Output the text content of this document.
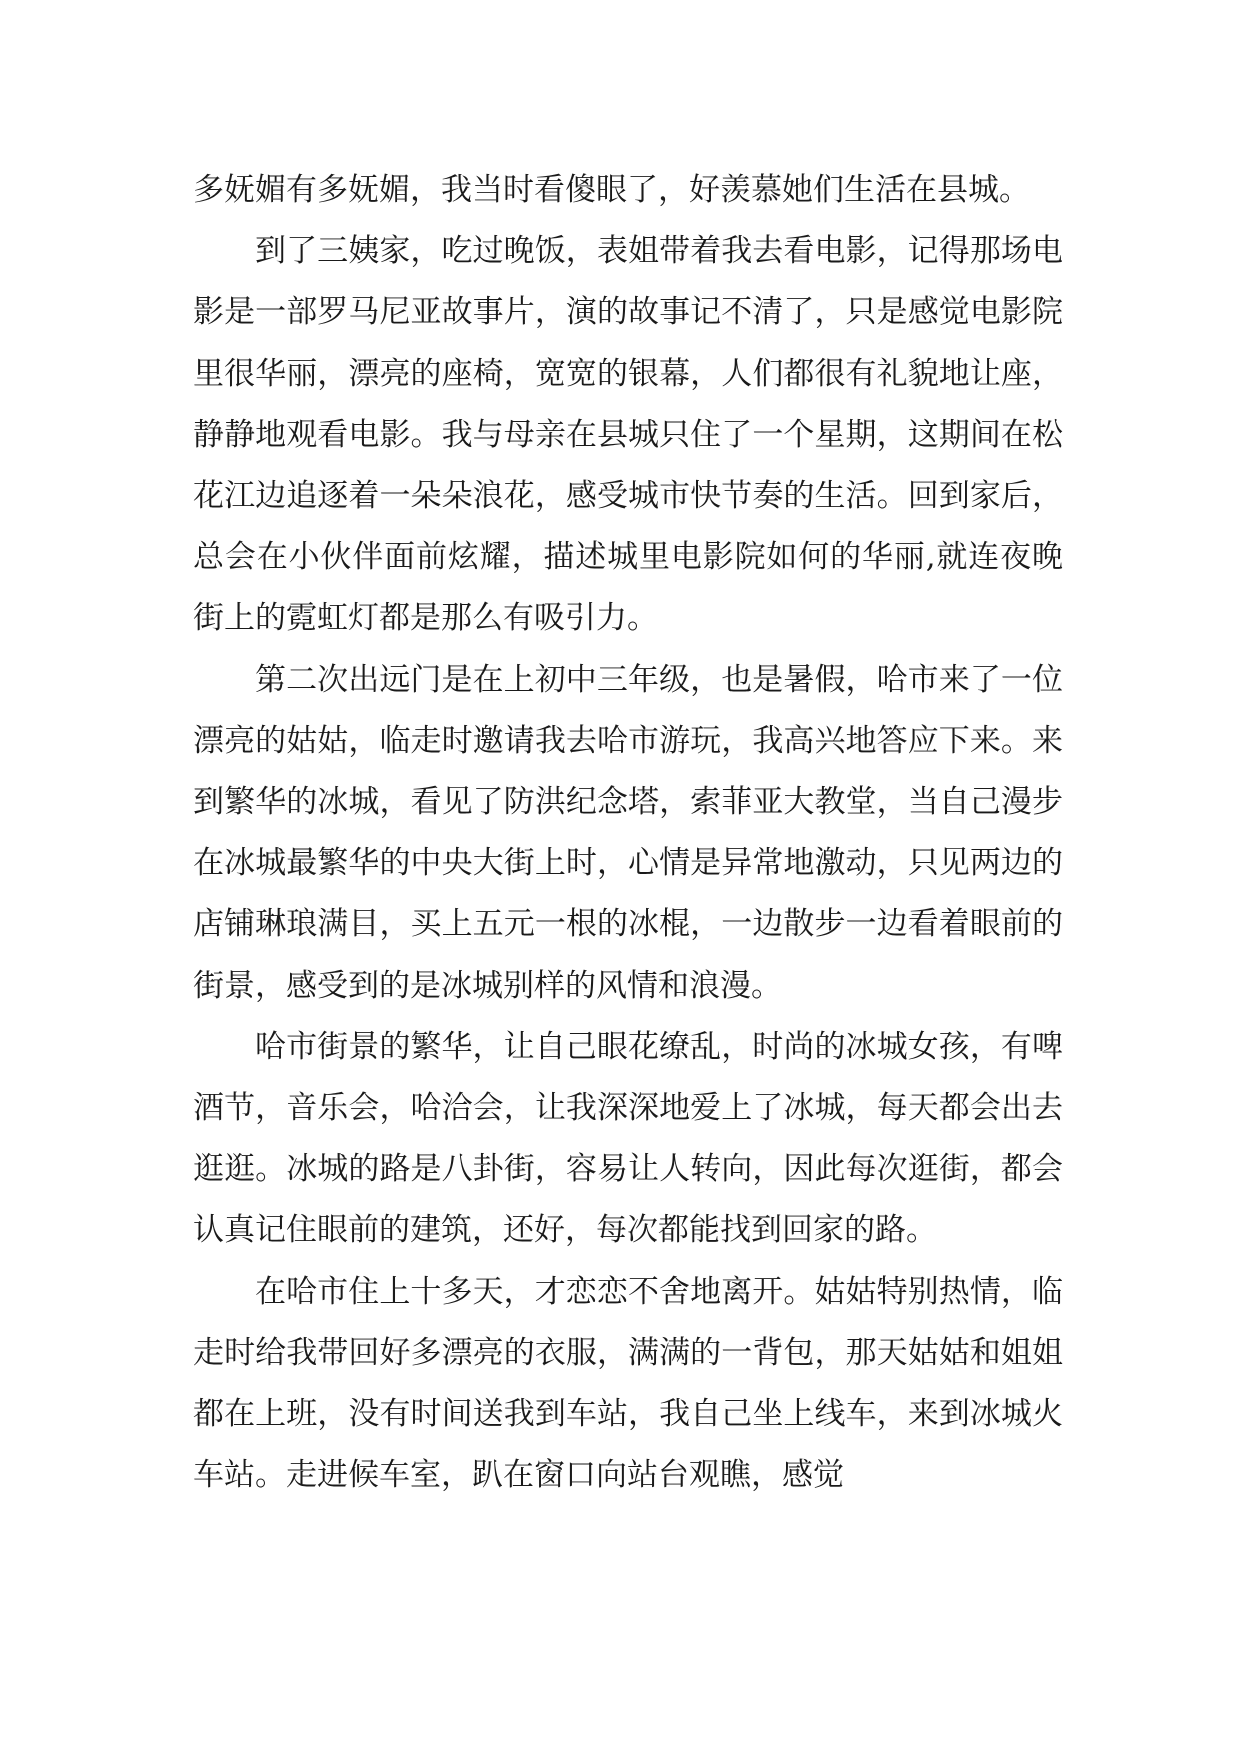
多妩媚有多妩媚，我当时看傻眼了，好羡慕她们生活在县城。

到了三姨家，吃过晚饭，表姐带着我去看电影，记得那场电影是一部罗马尼亚故事片，演的故事记不清了，只是感觉电影院里很华丽，漂亮的座椅，宽宽的银幕，人们都很有礼貌地让座，静静地观看电影。我与母亲在县城只住了一个星期，这期间在松花江边追逐着一朵朵浪花，感受城市快节奏的生活。回到家后，总会在小伙伴面前炫耀，描述城里电影院如何的华丽,就连夜晚街上的霓虹灯都是那么有吸引力。

第二次出远门是在上初中三年级，也是暑假，哈市来了一位漂亮的姑姑，临走时邀请我去哈市游玩，我高兴地答应下来。来到繁华的冰城，看见了防洪纪念塔，索菲亚大教堂，当自己漫步在冰城最繁华的中央大街上时，心情是异常地激动，只见两边的店铺琳琅满目，买上五元一根的冰棍，一边散步一边看着眼前的街景，感受到的是冰城别样的风情和浪漫。

哈市街景的繁华，让自己眼花缭乱，时尚的冰城女孩，有啤酒节，音乐会，哈洽会，让我深深地爱上了冰城，每天都会出去逛逛。冰城的路是八卦街，容易让人转向，因此每次逛街，都会认真记住眼前的建筑，还好，每次都能找到回家的路。

在哈市住上十多天，才恋恋不舍地离开。姑姑特别热情，临走时给我带回好多漂亮的衣服，满满的一背包，那天姑姑和姐姐都在上班，没有时间送我到车站，我自己坐上线车，来到冰城火车站。走进候车室，趴在窗口向站台观瞧，感觉
